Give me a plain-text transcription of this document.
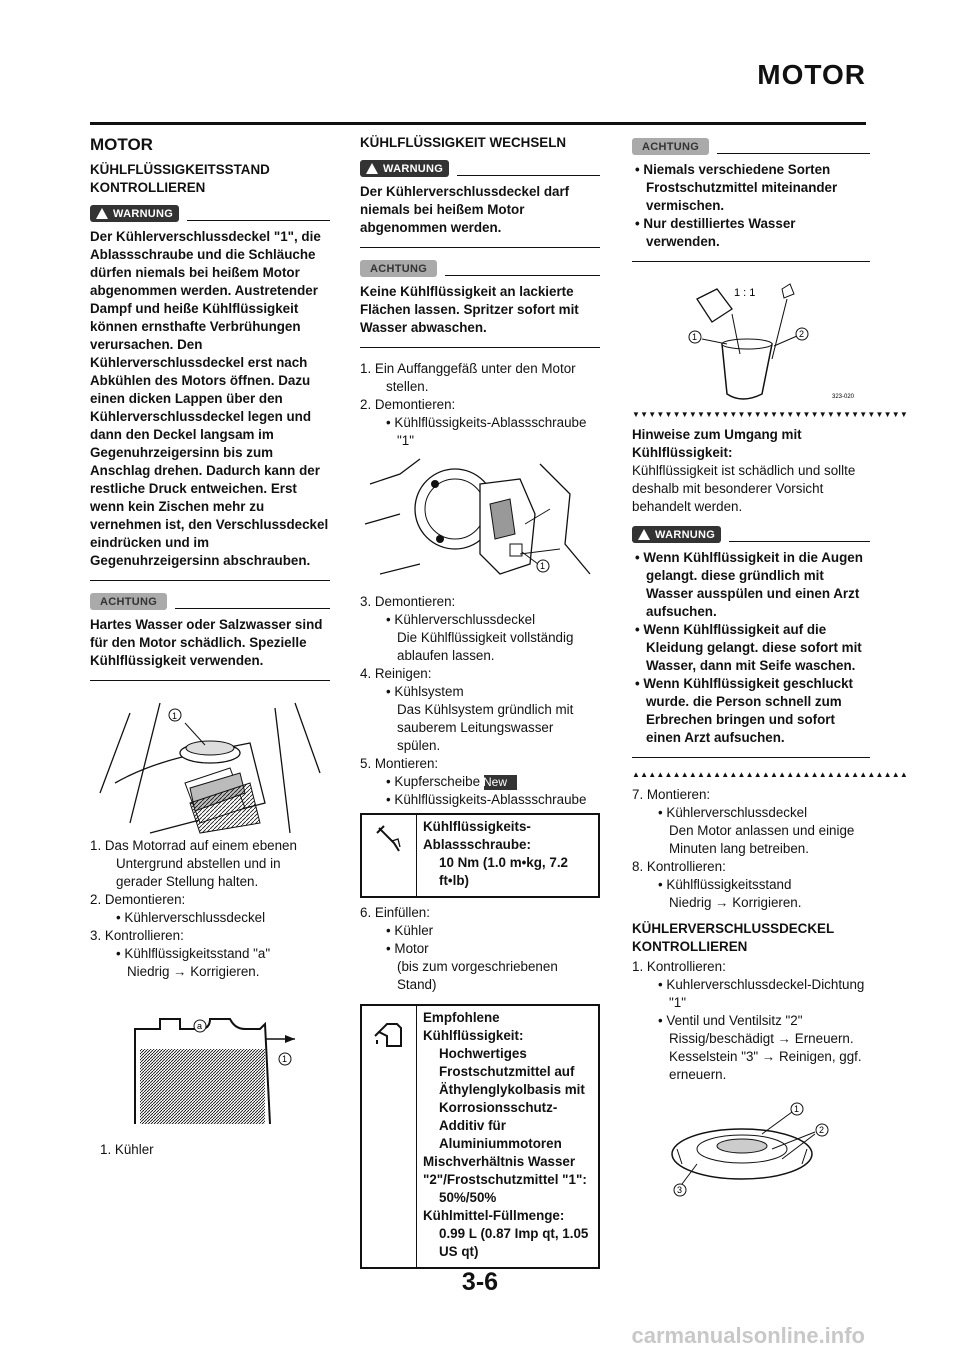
MOTOR
MOTOR
KÜHLFLÜSSIGKEITSSTAND KONTROLLIEREN
WARNUNG
Der Kühlerverschlussdeckel "1", die Ablassschraube und die Schläuche dürfen niemals bei heißem Motor abgenommen werden. Austretender Dampf und heiße Kühlflüssigkeit können ernsthafte Verbrühungen verursachen. Den Kühlerverschlussdeckel erst nach Abkühlen des Motors öffnen. Dazu einen dicken Lappen über den Kühlerverschlussdeckel legen und dann den Deckel langsam im Gegenuhrzeigersinn bis zum Anschlag drehen. Dadurch kann der restliche Druck entweichen. Erst wenn kein Zischen mehr zu vernehmen ist, den Verschlussdeckel eindrücken und im Gegenuhrzeigersinn abschrauben.
ACHTUNG
Hartes Wasser oder Salzwasser sind für den Motor schädlich. Spezielle Kühlflüssigkeit verwenden.
1
1. Das Motorrad auf einem ebenen Untergrund abstellen und in gerader Stellung halten.
2. Demontieren:
• Kühlerverschlussdeckel
3. Kontrollieren:
• Kühlflüssigkeitsstand "a"
Niedrig → Korrigieren.
a
1
1. Kühler
KÜHLFLÜSSIGKEIT WECHSELN
WARNUNG
Der Kühlerverschlussdeckel darf niemals bei heißem Motor abgenommen werden.
ACHTUNG
Keine Kühlflüssigkeit an lackierte Flächen lassen. Spritzer sofort mit Wasser abwaschen.
1. Ein Auffanggefäß unter den Motor stellen.
2. Demontieren:
• Kühlflüssigkeits-Ablassschraube "1"
1
3. Demontieren:
• Kühlerverschlussdeckel
Die Kühlflüssigkeit vollständig ablaufen lassen.
4. Reinigen:
• Kühlsystem
Das Kühlsystem gründlich mit sauberem Leitungswasser spülen.
5. Montieren:
• Kupferscheibe New
• Kühlflüssigkeits-Ablassschraube
Kühlflüssigkeits-Ablassschraube:
10 Nm (1.0 m•kg, 7.2 ft•lb)
6. Einfüllen:
• Kühler
• Motor
(bis zum vorgeschriebenen Stand)
Empfohlene Kühlflüssigkeit:
Hochwertiges Frostschutzmittel auf Äthylenglykolbasis mit Korrosionsschutz-Additiv für Aluminiummotoren
Mischverhältnis Wasser "2"/Frostschutzmittel "1":
50%/50%
Kühlmittel-Füllmenge:
0.99 L (0.87 Imp qt, 1.05 US qt)
ACHTUNG
• Niemals verschiedene Sorten Frostschutzmittel miteinander vermischen.
• Nur destilliertes Wasser verwenden.
1 : 1
1	2
323-020
▼▼▼▼▼▼▼▼▼▼▼▼▼▼▼▼▼▼▼▼▼▼▼▼▼▼▼▼▼▼▼▼▼▼
Hinweise zum Umgang mit Kühlflüssigkeit:
Kühlflüssigkeit ist schädlich und sollte deshalb mit besonderer Vorsicht behandelt werden.
WARNUNG
• Wenn Kühlflüssigkeit in die Augen gelangt. diese gründlich mit Wasser ausspülen und einen Arzt aufsuchen.
• Wenn Kühlflüssigkeit auf die Kleidung gelangt. diese sofort mit Wasser, dann mit Seife waschen.
• Wenn Kühlflüssigkeit geschluckt wurde. die Person schnell zum Erbrechen bringen und sofort einen Arzt aufsuchen.
▲▲▲▲▲▲▲▲▲▲▲▲▲▲▲▲▲▲▲▲▲▲▲▲▲▲▲▲▲▲▲▲▲▲
7. Montieren:
• Kühlerverschlussdeckel
Den Motor anlassen und einige Minuten lang betreiben.
8. Kontrollieren:
• Kühlflüssigkeitsstand
Niedrig → Korrigieren.
KÜHLERVERSCHLUSSDECKEL KONTROLLIEREN
1. Kontrollieren:
• Kuhlerverschlussdeckel-Dichtung "1"
• Ventil und Ventilsitz "2"
Rissig/beschädigt → Erneuern.
Kesselstein "3" → Reinigen, ggf. erneuern.
1
2
3
3-6
carmanualsonline.info
